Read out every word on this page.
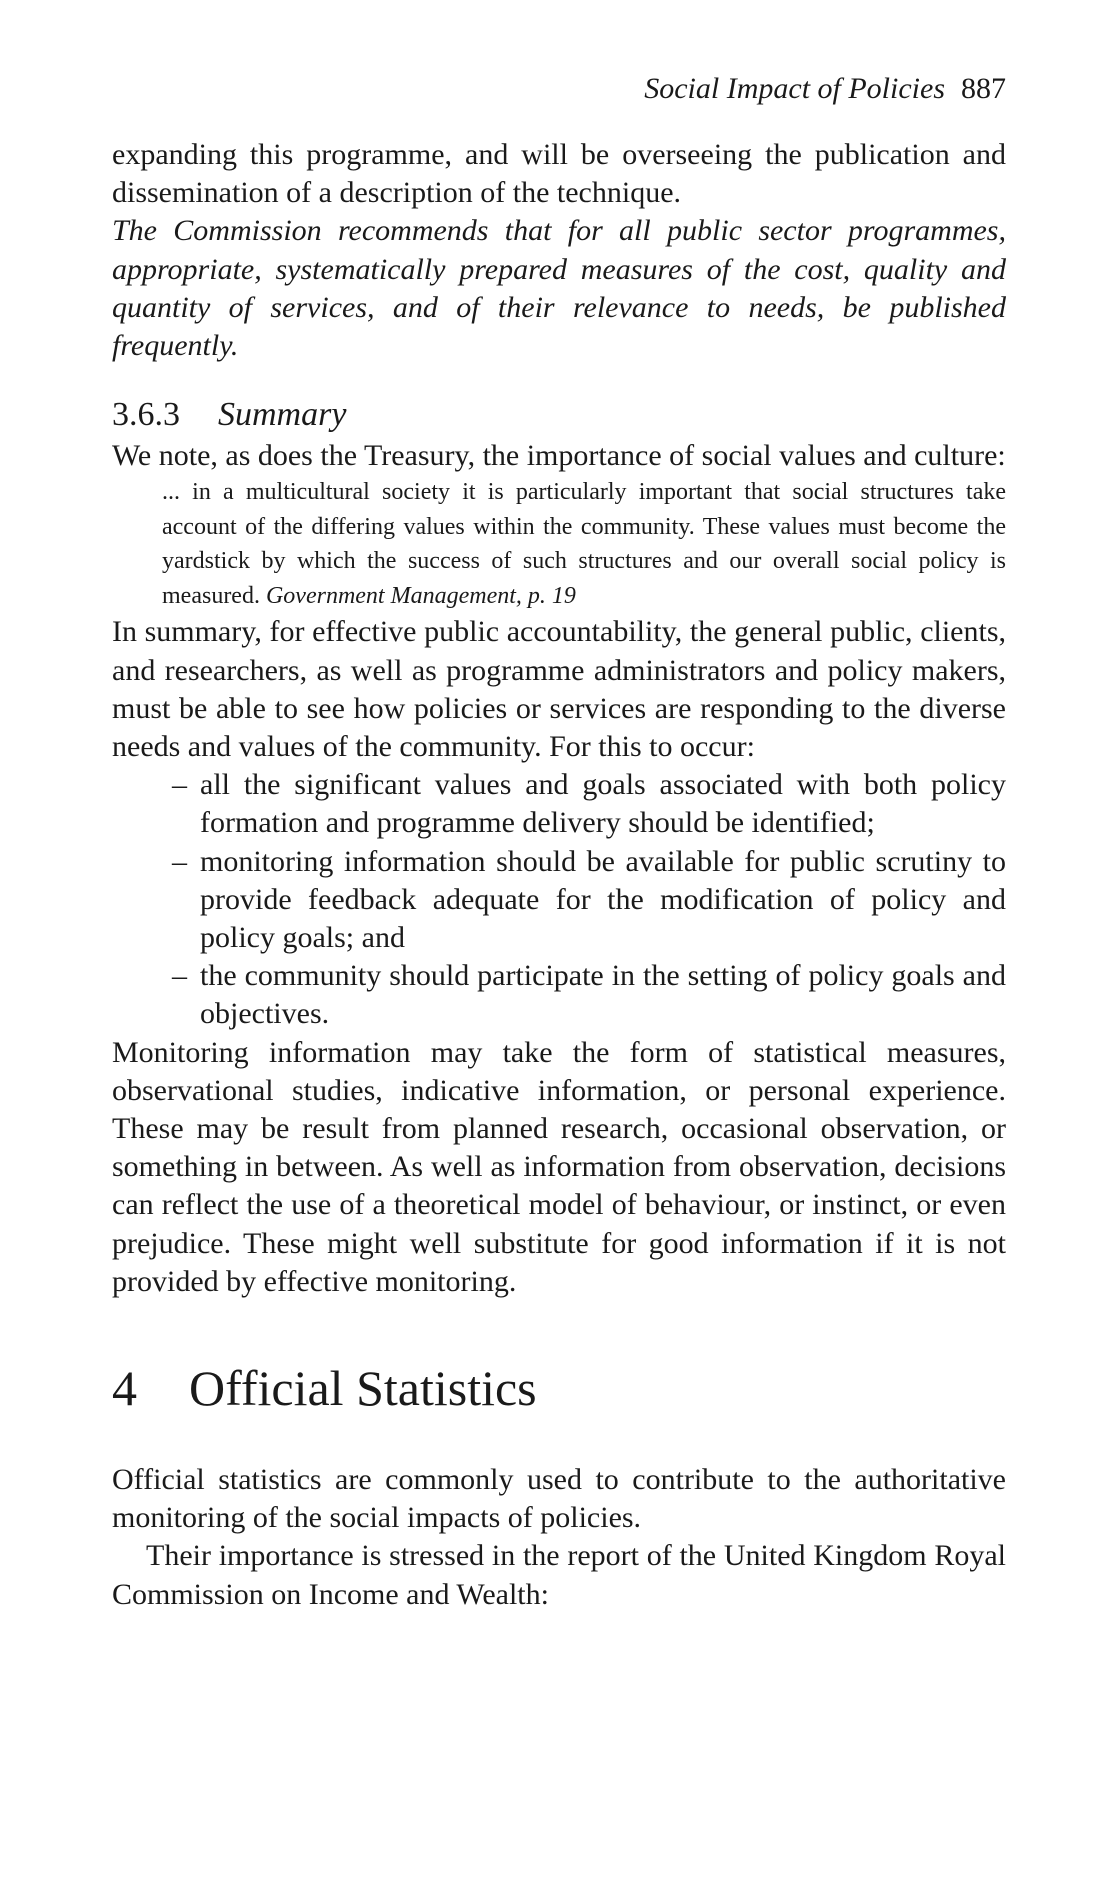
Social Impact of Policies 887

expanding this programme, and will be overseeing the publication and dissemination of a description of the technique.

The Commission recommends that for all public sector programmes, appropriate, systematically prepared measures of the cost, quality and quantity of services, and of their relevance to needs, be published frequently.

3.6.3 Summary

We note, as does the Treasury, the importance of social values and culture:

... in a multicultural society it is particularly important that social structures take account of the differing values within the community. These values must become the yardstick by which the success of such structures and our overall social policy is measured. Government Management, p. 19

In summary, for effective public accountability, the general public, clients, and researchers, as well as programme administrators and policy makers, must be able to see how policies or services are responding to the diverse needs and values of the community. For this to occur:

– all the significant values and goals associated with both policy formation and programme delivery should be identified;
– monitoring information should be available for public scrutiny to provide feedback adequate for the modification of policy and policy goals; and
– the community should participate in the setting of policy goals and objectives.

Monitoring information may take the form of statistical measures, observational studies, indicative information, or personal experience. These may be result from planned research, occasional observation, or something in between. As well as information from observation, decisions can reflect the use of a theoretical model of behaviour, or instinct, or even prejudice. These might well substitute for good information if it is not provided by effective monitoring.

4 Official Statistics

Official statistics are commonly used to contribute to the authoritative monitoring of the social impacts of policies.

Their importance is stressed in the report of the United Kingdom Royal Commission on Income and Wealth:
